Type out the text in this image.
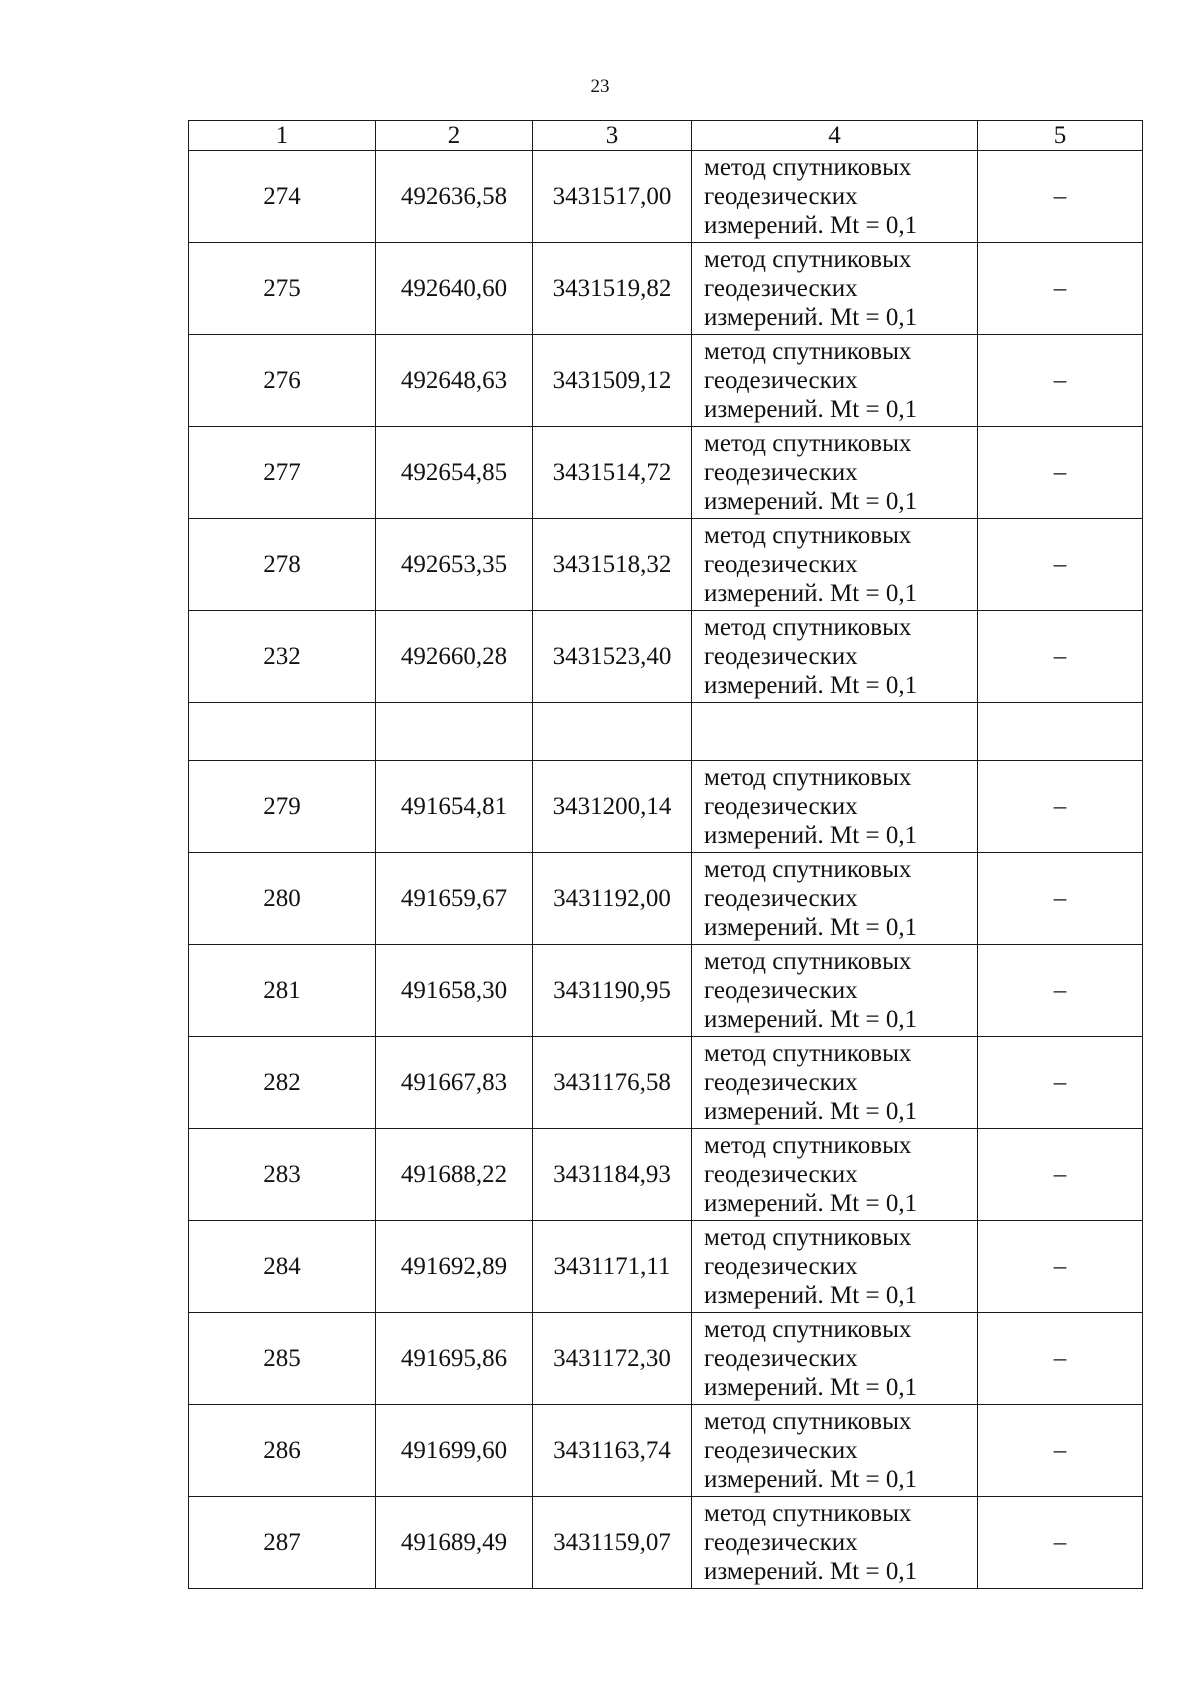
23
1	2	3	4	5
274	492636,58	3431517,00	метод спутниковых
геодезических
измерений. Mt = 0,1	–
275	492640,60	3431519,82	метод спутниковых
геодезических
измерений. Mt = 0,1	–
276	492648,63	3431509,12	метод спутниковых
геодезических
измерений. Mt = 0,1	–
277	492654,85	3431514,72	метод спутниковых
геодезических
измерений. Mt = 0,1	–
278	492653,35	3431518,32	метод спутниковых
геодезических
измерений. Mt = 0,1	–
232	492660,28	3431523,40	метод спутниковых
геодезических
измерений. Mt = 0,1	–

279	491654,81	3431200,14	метод спутниковых
геодезических
измерений. Mt = 0,1	–
280	491659,67	3431192,00	метод спутниковых
геодезических
измерений. Mt = 0,1	–
281	491658,30	3431190,95	метод спутниковых
геодезических
измерений. Mt = 0,1	–
282	491667,83	3431176,58	метод спутниковых
геодезических
измерений. Mt = 0,1	–
283	491688,22	3431184,93	метод спутниковых
геодезических
измерений. Mt = 0,1	–
284	491692,89	3431171,11	метод спутниковых
геодезических
измерений. Mt = 0,1	–
285	491695,86	3431172,30	метод спутниковых
геодезических
измерений. Mt = 0,1	–
286	491699,60	3431163,74	метод спутниковых
геодезических
измерений. Mt = 0,1	–
287	491689,49	3431159,07	метод спутниковых
геодезических
измерений. Mt = 0,1	–
